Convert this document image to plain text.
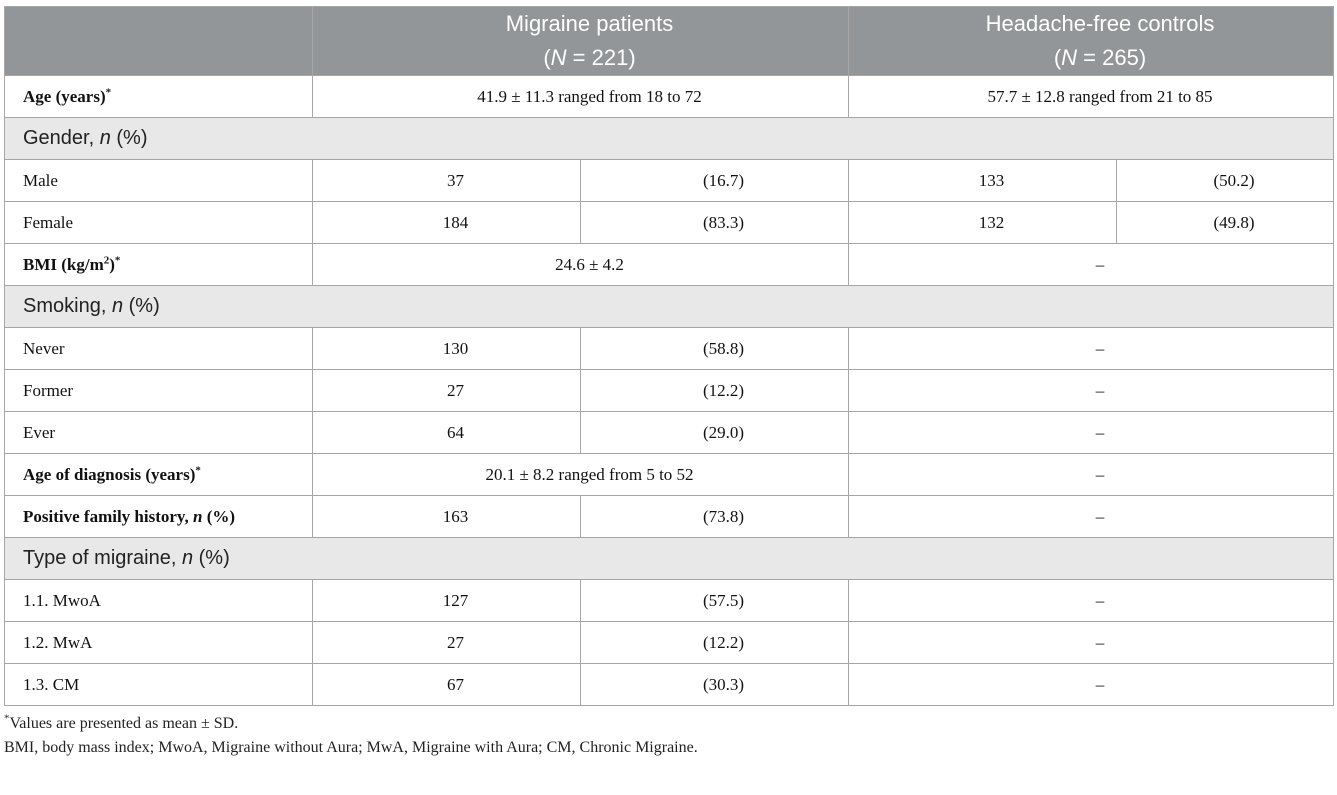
	Migraine patients
(N = 221)		Headache-free controls
(N = 265)	
Age (years)*	41.9 ± 11.3 ranged from 18 to 72		57.7 ± 12.8 ranged from 21 to 85	
Gender, n (%)				
Male	37	(16.7)	133	(50.2)
Female	184	(83.3)	132	(49.8)
BMI $(kg/m^2)^*$	24.6 ± 4.2		–	
Smoking, n (%)				
Never	130	(58.8)	–	
Former	27	(12.2)	–	
Ever	64	(29.0)	–	
Age of diagnosis (years)*	20.1 ± 8.2 ranged from 5 to 52		–	
Positive family history, n (%)	163	(73.8)	–	
Type of migraine, n (%)				
1.1. MwoA	127	(57.5)	–	
1.2. MwA	27	(12.2)	–	
1.3. CM	67	(30.3)	–	
*Values are presented as mean ± SD.
BMI, body mass index; MwoA, Migraine without Aura; MwA, Migraine with Aura; CM, Chronic Migraine.
